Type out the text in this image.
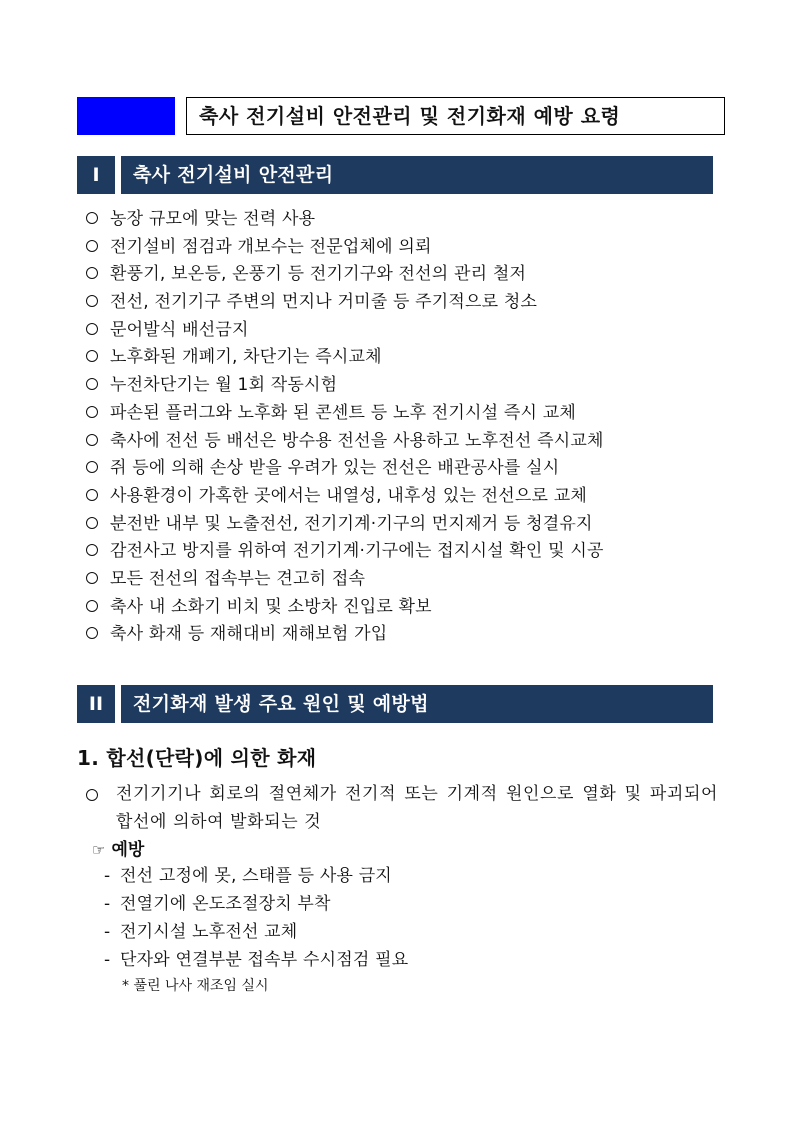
축사 전기설비 안전관리 및 전기화재 예방 요령
I	축사 전기설비 안전관리
농장 규모에 맞는 전력 사용
전기설비 점검과 개보수는 전문업체에 의뢰
환풍기, 보온등, 온풍기 등 전기기구와 전선의 관리 철저
전선, 전기기구 주변의 먼지나 거미줄 등 주기적으로 청소
문어발식 배선금지
노후화된 개폐기, 차단기는 즉시교체
누전차단기는 월 1회 작동시험
파손된 플러그와 노후화 된 콘센트 등 노후 전기시설 즉시 교체
축사에 전선 등 배선은 방수용 전선을 사용하고 노후전선 즉시교체
쥐 등에 의해 손상 받을 우려가 있는 전선은 배관공사를 실시
사용환경이 가혹한 곳에서는 내열성, 내후성 있는 전선으로 교체
분전반 내부 및 노출전선, 전기기계·기구의 먼지제거 등 청결유지
감전사고 방지를 위하여 전기기계·기구에는 접지시설 확인 및 시공
모든 전선의 접속부는 견고히 접속
축사 내 소화기 비치 및 소방차 진입로 확보
축사 화재 등 재해대비 재해보험 가입
II	전기화재 발생 주요 원인 및 예방법
1. 합선(단락)에 의한 화재
전기기기나 회로의 절연체가 전기적 또는 기계적 원인으로 열화 및 파괴되어 합선에 의하여 발화되는 것
☞ 예방
- 전선 고정에 못, 스태플 등 사용 금지
- 전열기에 온도조절장치 부착
- 전기시설 노후전선 교체
- 단자와 연결부분 접속부 수시점검 필요
* 풀린 나사 재조임 실시
